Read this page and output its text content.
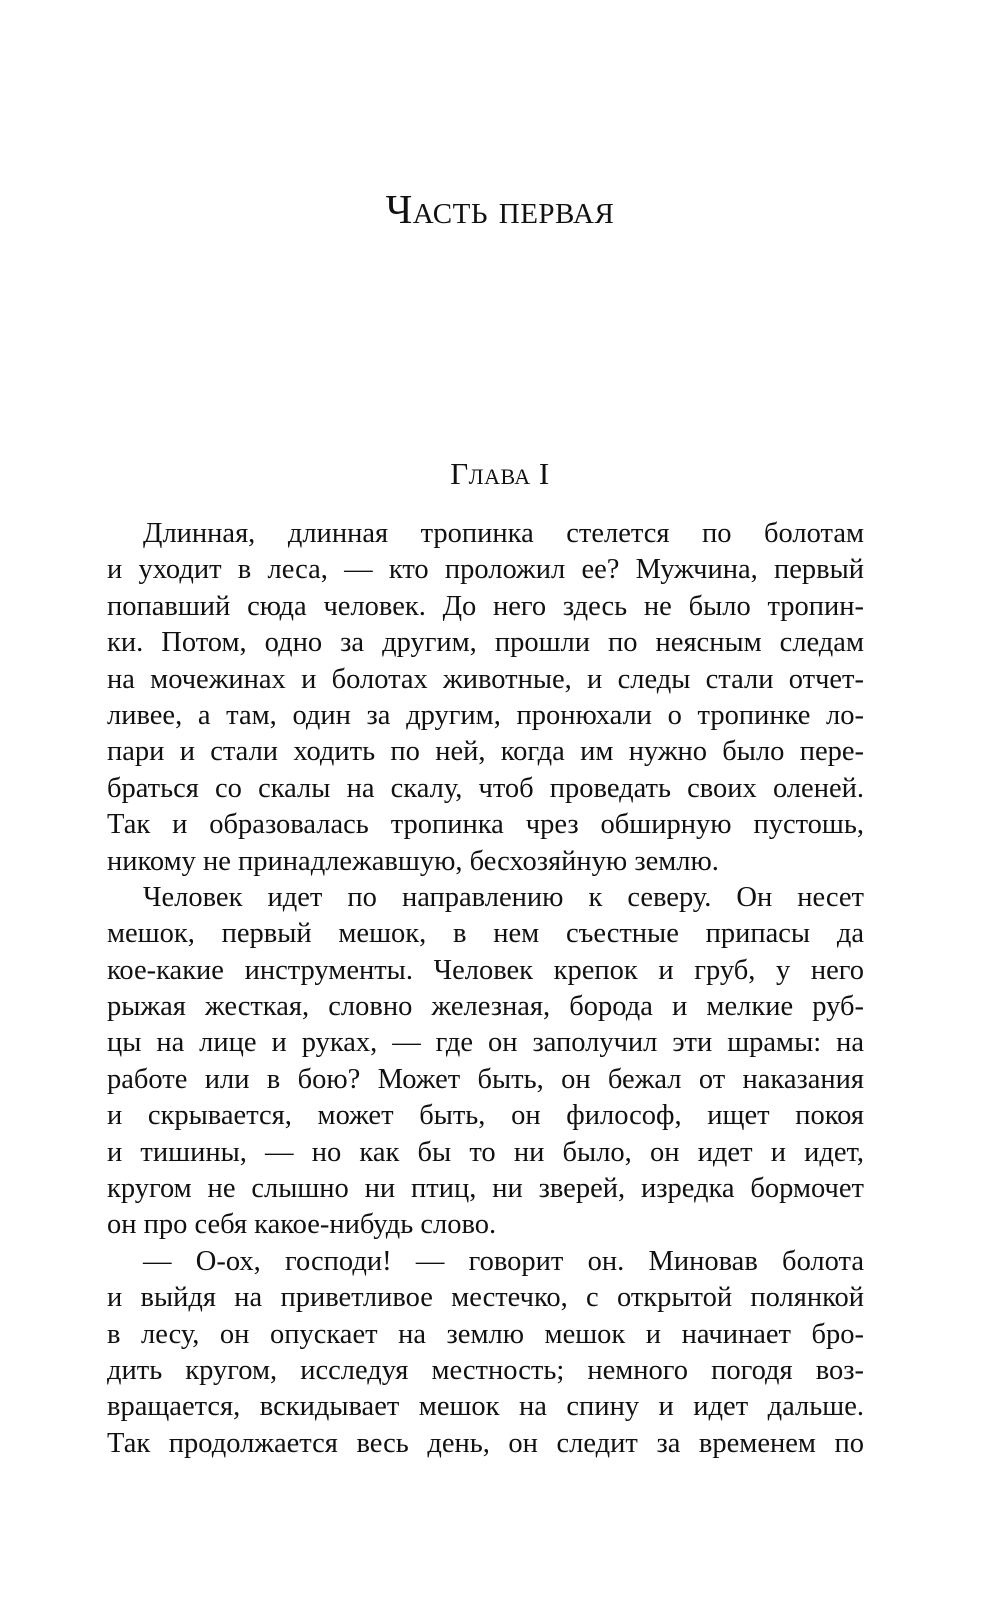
Часть первая
Глава I
Длинная, длинная тропинка стелется по болотам
и уходит в леса, — кто проложил ее? Мужчина, первый
попавший сюда человек. До него здесь не было тропин-
ки. Потом, одно за другим, прошли по неясным следам
на мочежинах и болотах животные, и следы стали отчет-
ливее, а там, один за другим, пронюхали о тропинке ло-
пари и стали ходить по ней, когда им нужно было пере-
браться со скалы на скалу, чтоб проведать своих оленей.
Так и образовалась тропинка чрез обширную пустошь,
никому не принадлежавшую, бесхозяйную землю.
Человек идет по направлению к северу. Он несет
мешок, первый мешок, в нем съестные припасы да
кое-какие инструменты. Человек крепок и груб, у него
рыжая жесткая, словно железная, борода и мелкие руб-
цы на лице и руках, — где он заполучил эти шрамы: на
работе или в бою? Может быть, он бежал от наказания
и скрывается, может быть, он философ, ищет покоя
и тишины, — но как бы то ни было, он идет и идет,
кругом не слышно ни птиц, ни зверей, изредка бормочет
он про себя какое-нибудь слово.
— О-ох, господи! — говорит он. Миновав болота
и выйдя на приветливое местечко, с открытой полянкой
в лесу, он опускает на землю мешок и начинает бро-
дить кругом, исследуя местность; немного погодя воз-
вращается, вскидывает мешок на спину и идет дальше.
Так продолжается весь день, он следит за временем по
